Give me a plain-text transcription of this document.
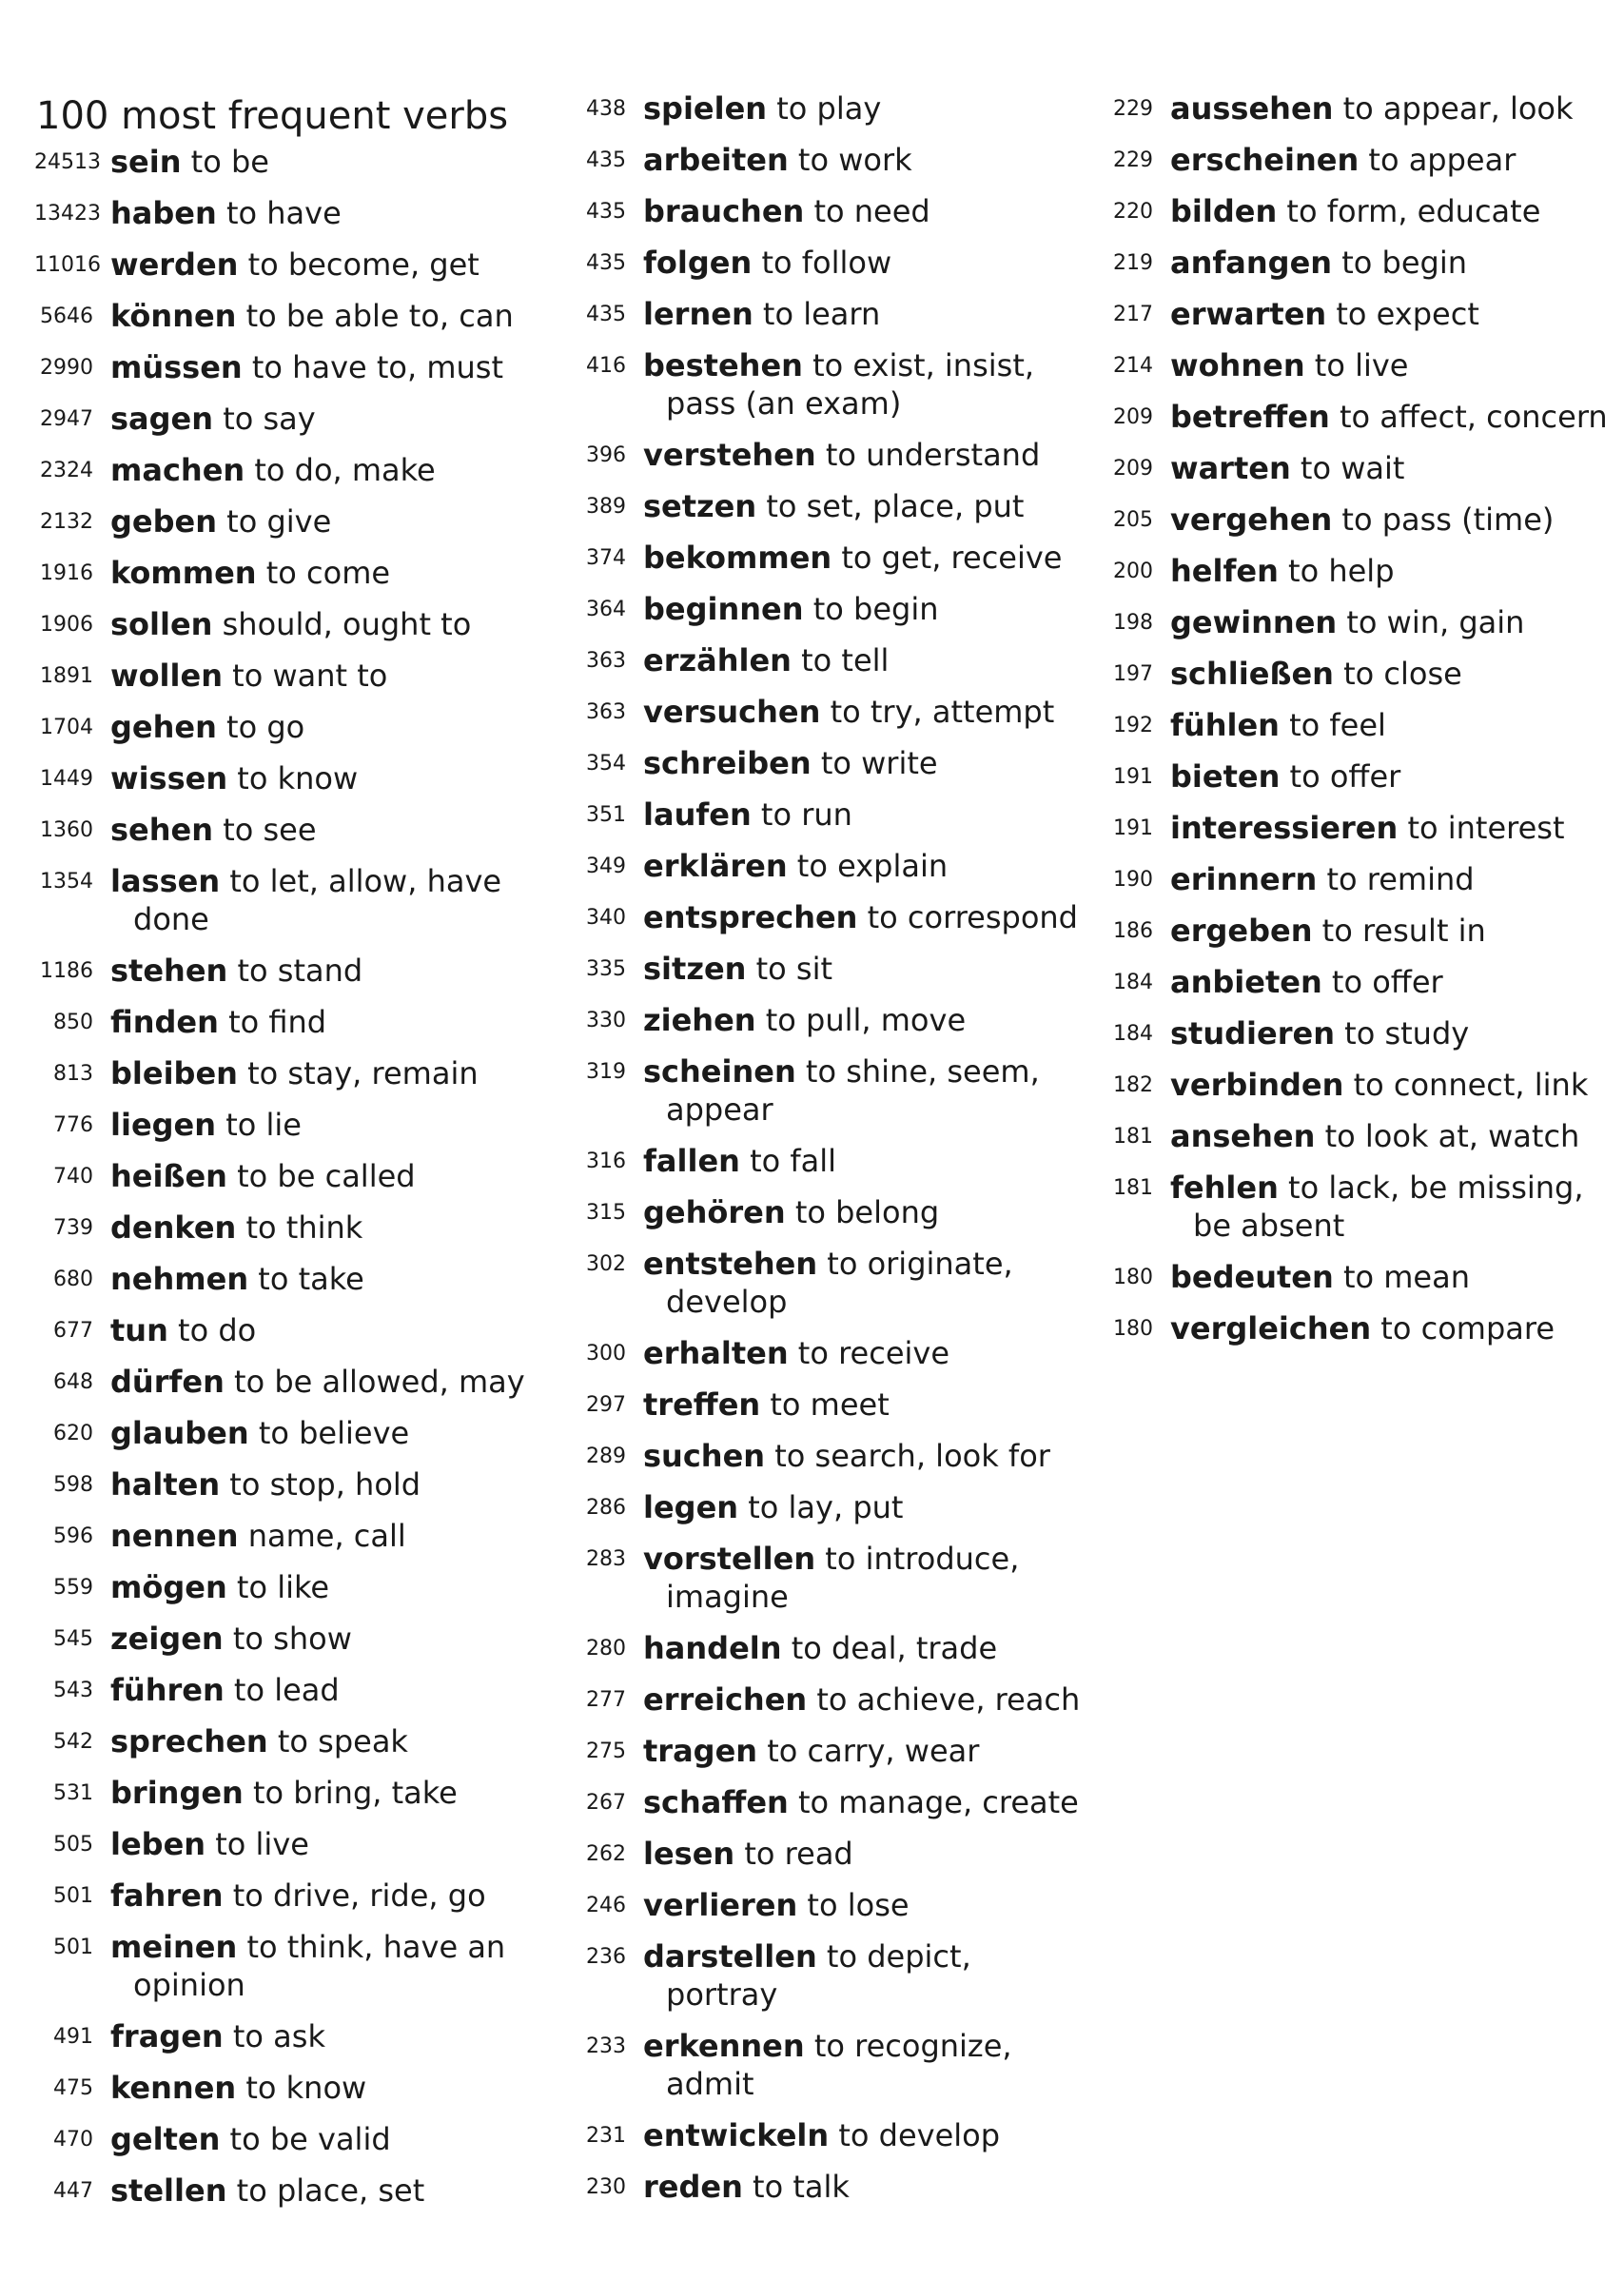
100 most frequent verbs
24513 sein to be
13423 haben to have
11016 werden to become, get
5646 können to be able to, can
2990 müssen to have to, must
2947 sagen to say
2324 machen to do, make
2132 geben to give
1916 kommen to come
1906 sollen should, ought to
1891 wollen to want to
1704 gehen to go
1449 wissen to know
1360 sehen to see
1354 lassen to let, allow, have
done
1186 stehen to stand
850 finden to find
813 bleiben to stay, remain
776 liegen to lie
740 heißen to be called
739 denken to think
680 nehmen to take
677 tun to do
648 dürfen to be allowed, may
620 glauben to believe
598 halten to stop, hold
596 nennen name, call
559 mögen to like
545 zeigen to show
543 führen to lead
542 sprechen to speak
531 bringen to bring, take
505 leben to live
501 fahren to drive, ride, go
501 meinen to think, have an
opinion
491 fragen to ask
475 kennen to know
470 gelten to be valid
447 stellen to place, set
438 spielen to play
435 arbeiten to work
435 brauchen to need
435 folgen to follow
435 lernen to learn
416 bestehen to exist, insist,
pass (an exam)
396 verstehen to understand
389 setzen to set, place, put
374 bekommen to get, receive
364 beginnen to begin
363 erzählen to tell
363 versuchen to try, attempt
354 schreiben to write
351 laufen to run
349 erklären to explain
340 entsprechen to correspond
335 sitzen to sit
330 ziehen to pull, move
319 scheinen to shine, seem,
appear
316 fallen to fall
315 gehören to belong
302 entstehen to originate,
develop
300 erhalten to receive
297 treffen to meet
289 suchen to search, look for
286 legen to lay, put
283 vorstellen to introduce,
imagine
280 handeln to deal, trade
277 erreichen to achieve, reach
275 tragen to carry, wear
267 schaffen to manage, create
262 lesen to read
246 verlieren to lose
236 darstellen to depict,
portray
233 erkennen to recognize,
admit
231 entwickeln to develop
230 reden to talk
229 aussehen to appear, look
229 erscheinen to appear
220 bilden to form, educate
219 anfangen to begin
217 erwarten to expect
214 wohnen to live
209 betreffen to affect, concern
209 warten to wait
205 vergehen to pass (time)
200 helfen to help
198 gewinnen to win, gain
197 schließen to close
192 fühlen to feel
191 bieten to offer
191 interessieren to interest
190 erinnern to remind
186 ergeben to result in
184 anbieten to offer
184 studieren to study
182 verbinden to connect, link
181 ansehen to look at, watch
181 fehlen to lack, be missing,
be absent
180 bedeuten to mean
180 vergleichen to compare
